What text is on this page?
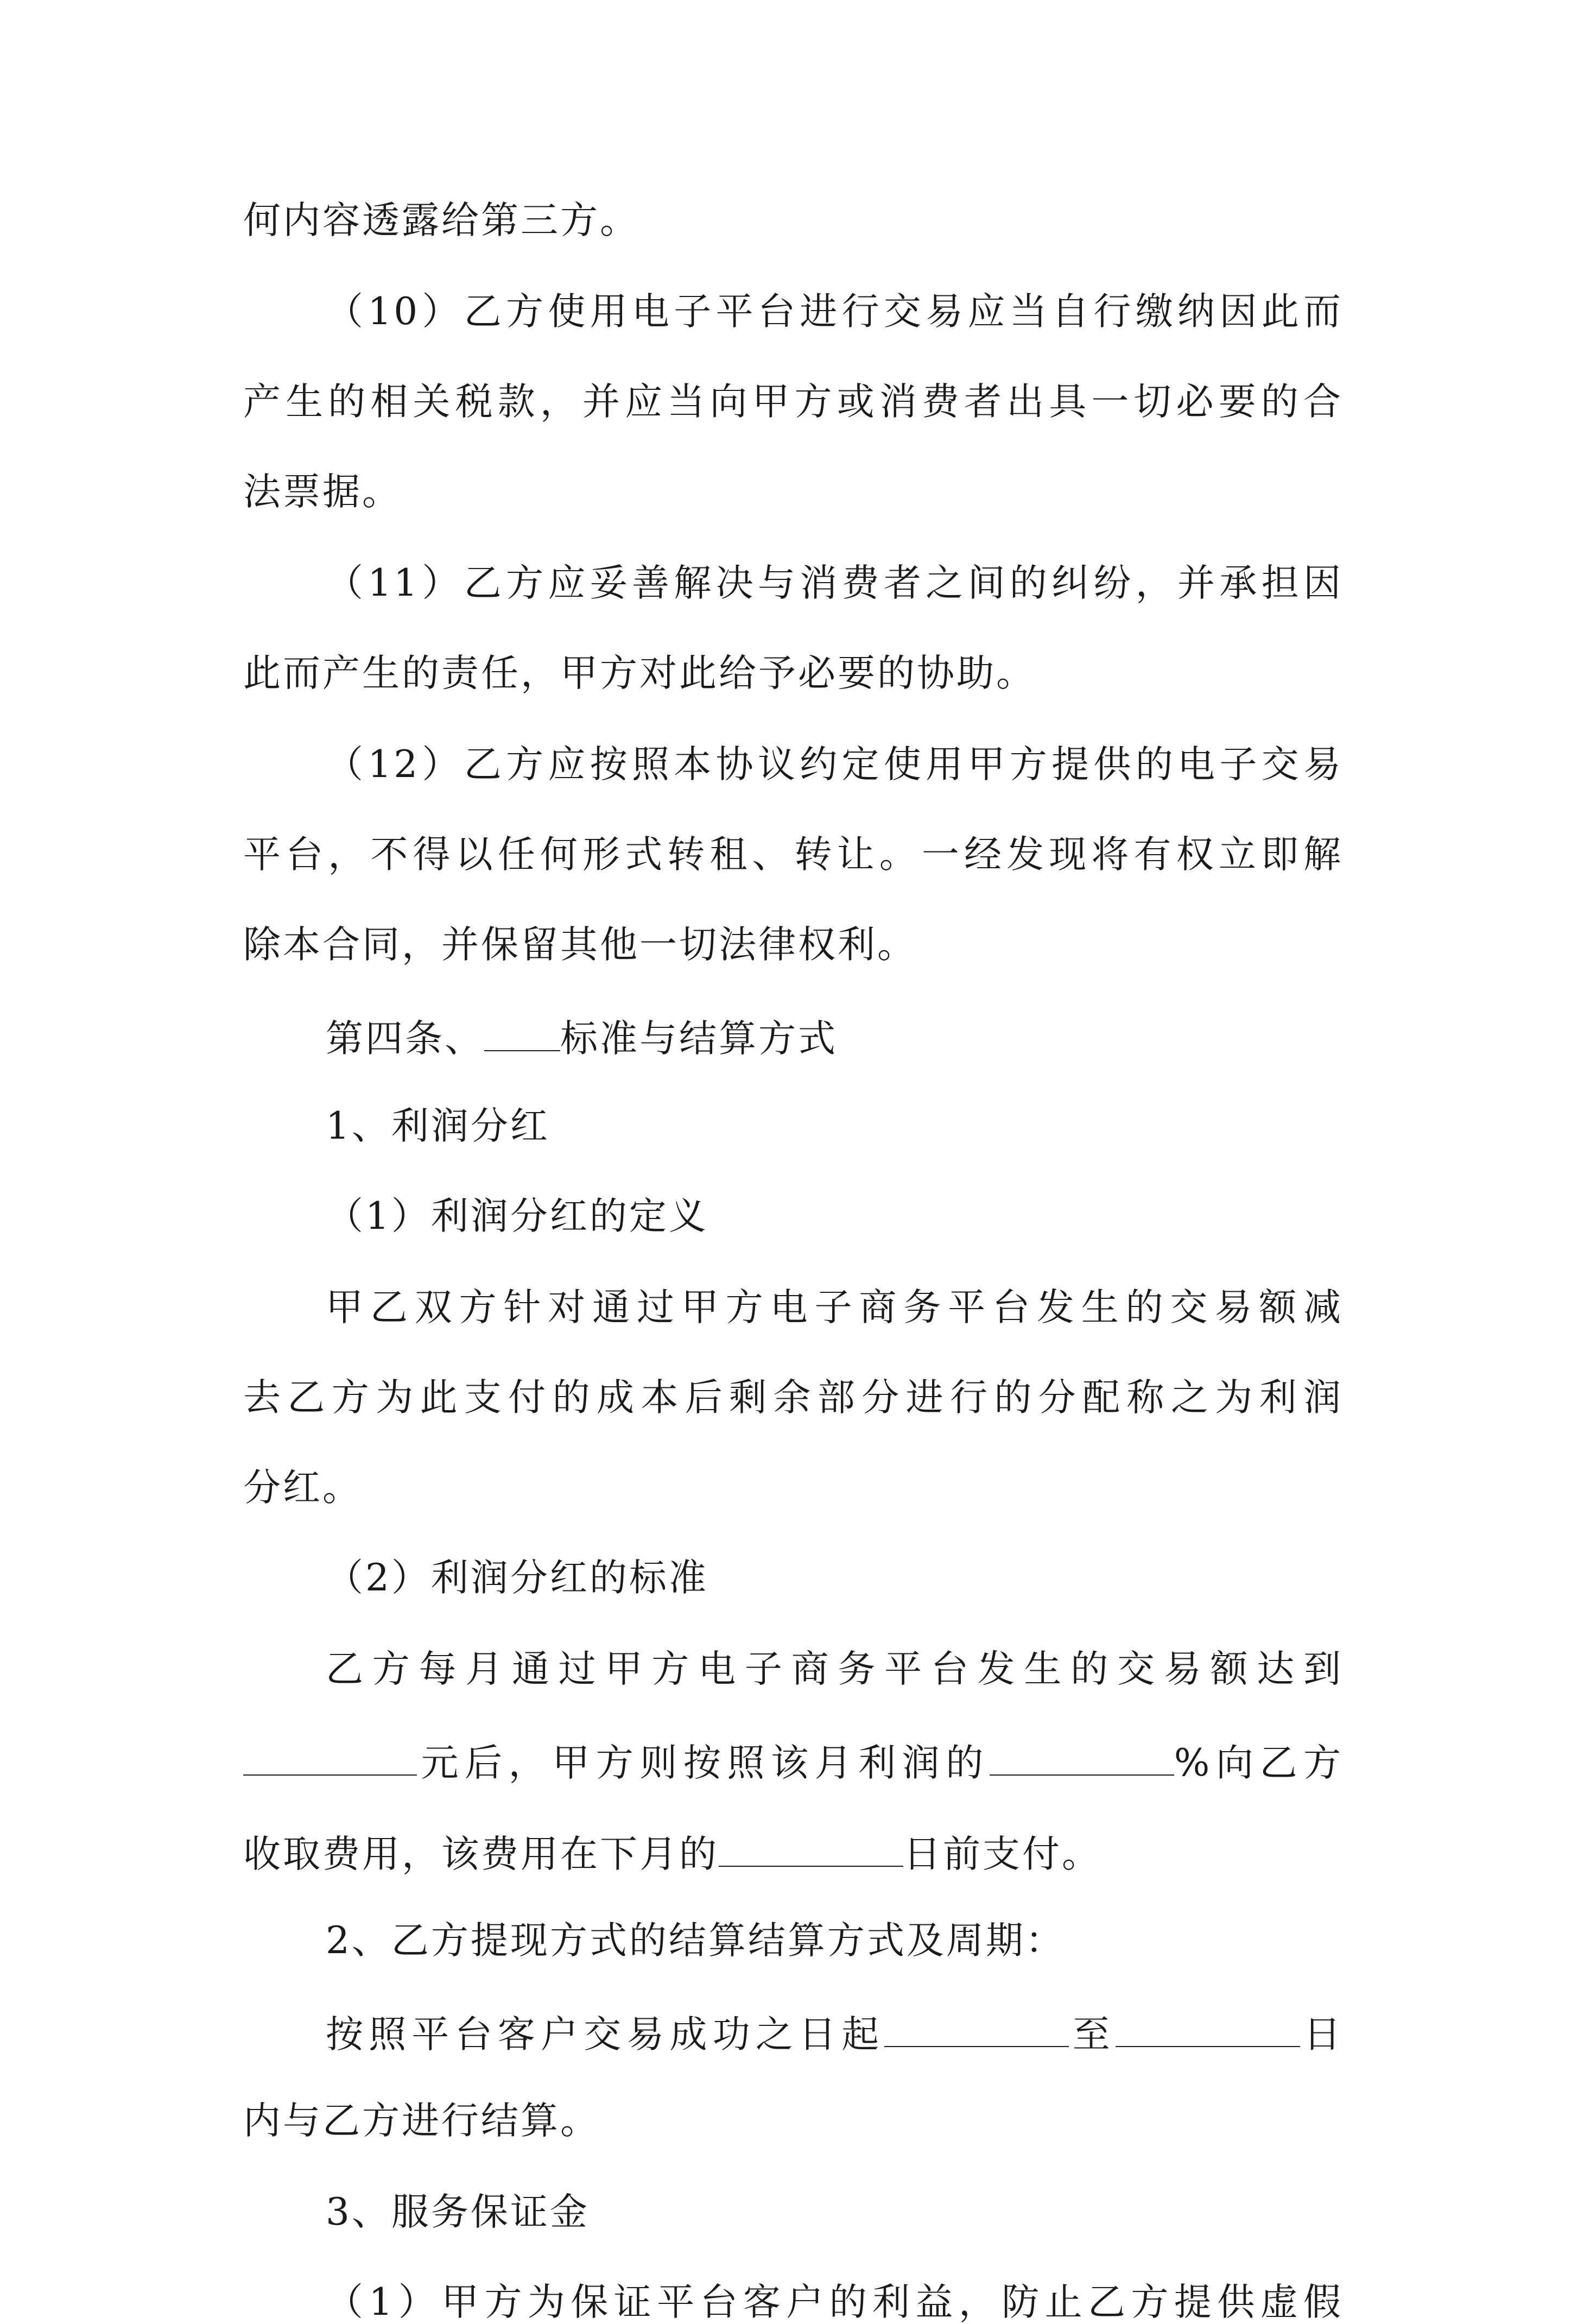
何内容透露给第三方。
（10）乙方使用电子平台进行交易应当自行缴纳因此而
产生的相关税款，并应当向甲方或消费者出具一切必要的合
法票据。
（11）乙方应妥善解决与消费者之间的纠纷，并承担因
此而产生的责任，甲方对此给予必要的协助。
（12）乙方应按照本协议约定使用甲方提供的电子交易
平台，不得以任何形式转租、转让。一经发现将有权立即解
除本合同，并保留其他一切法律权利。
第四条、 标准与结算方式
1、利润分红
（1）利润分红的定义
甲乙双方针对通过甲方电子商务平台发生的交易额减
去乙方为此支付的成本后剩余部分进行的分配称之为利润
分红。
（2）利润分红的标准
乙方每月通过甲方电子商务平台发生的交易额达到
元后，甲方则按照该月利润的	%向乙方
收取费用，该费用在下月的	日前支付。
2、乙方提现方式的结算结算方式及周期：
按照平台客户交易成功之日起	至	日
内与乙方进行结算。
3、服务保证金
（1）甲方为保证平台客户的利益，防止乙方提供虚假
